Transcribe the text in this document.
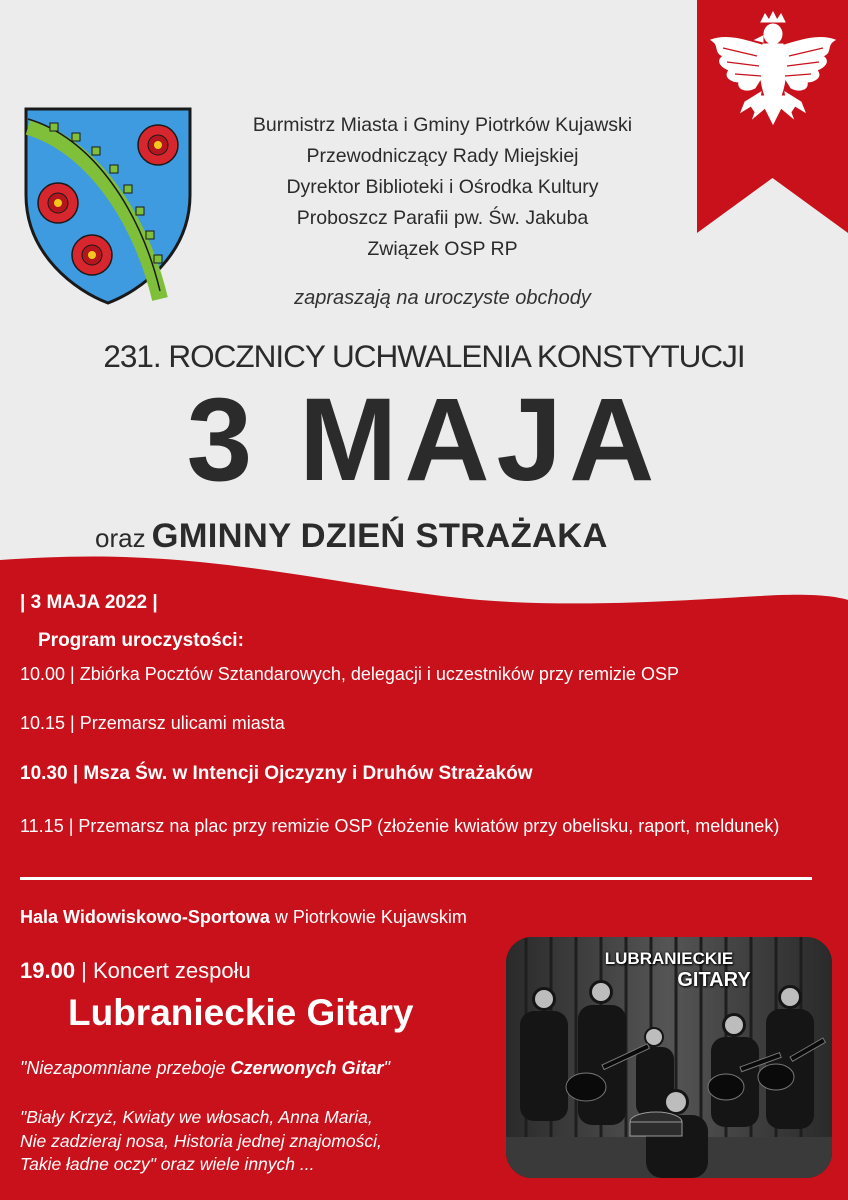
Burmistrz Miasta i Gminy Piotrków Kujawski
Przewodniczący Rady Miejskiej
Dyrektor Biblioteki i Ośrodka Kultury
Proboszcz Parafii pw. Św. Jakuba
Związek OSP RP
zapraszają na uroczyste obchody
231. ROCZNICY UCHWALENIA KONSTYTUCJI
3 MAJA
oraz GMINNY DZIEŃ STRAŻAKA
| 3 MAJA 2022 |
Program uroczystości:
10.00 | Zbiórka Pocztów Sztandarowych, delegacji i uczestników przy remizie OSP
10.15 | Przemarsz ulicami miasta
10.30 | Msza Św. w Intencji Ojczyzny i Druhów Strażaków
11.15 | Przemarsz na plac przy remizie OSP (złożenie kwiatów przy obelisku, raport, meldunek)
Hala Widowiskowo-Sportowa w Piotrkowie Kujawskim
19.00 | Koncert zespołu
Lubranieckie Gitary
"Niezapomniane przeboje Czerwonych Gitar"
"Biały Krzyż, Kwiaty we włosach, Anna Maria,
Nie zadzieraj nosa, Historia jednej znajomości,
Takie ładne oczy" oraz wiele innych ...
LUBRANIECKIE
GITARY
